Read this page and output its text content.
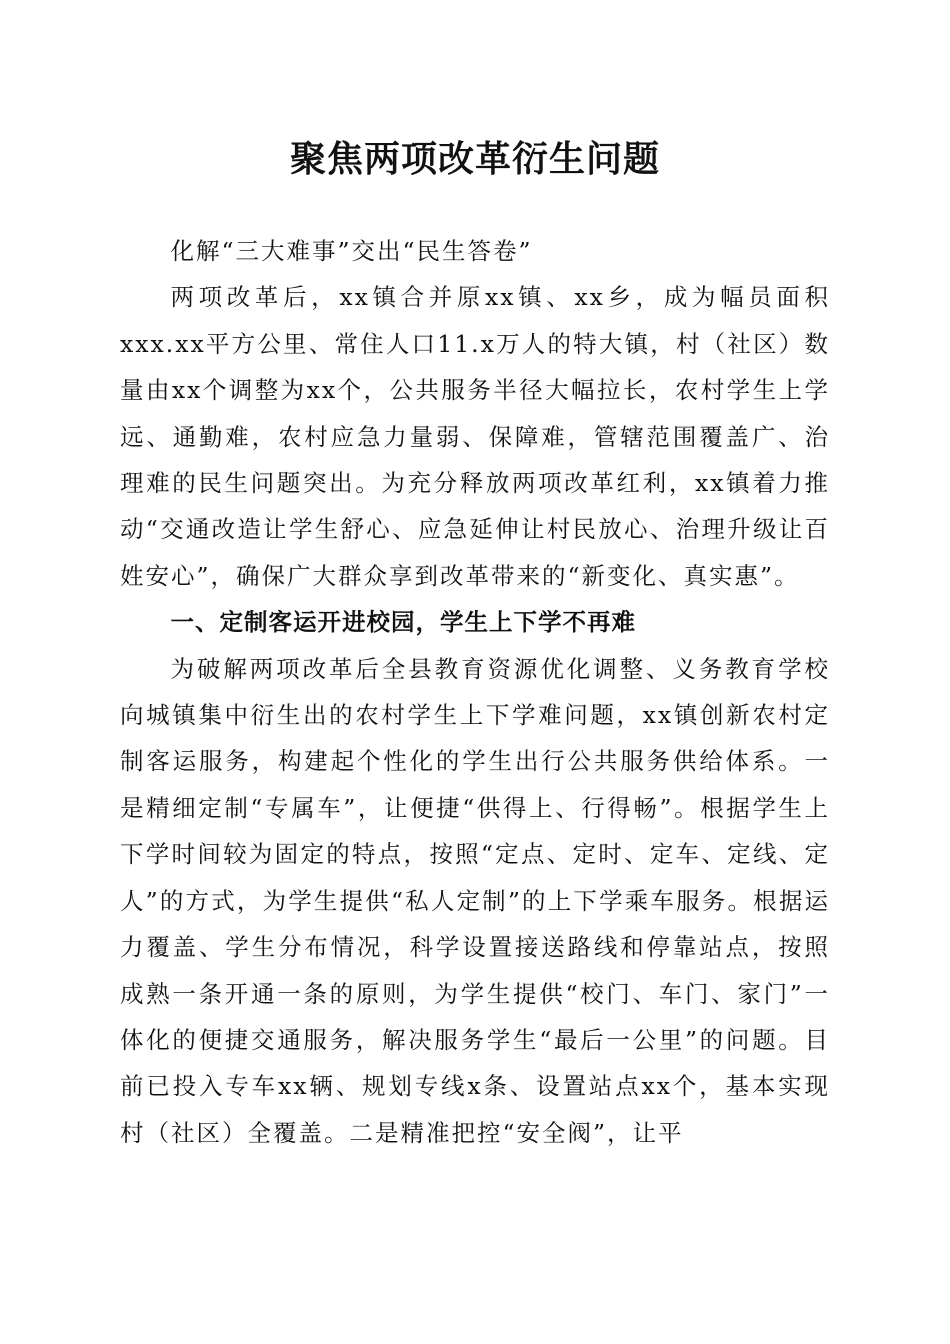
聚焦两项改革衍生问题

化解“三大难事”交出“民生答卷”

两项改革后，xx镇合并原xx镇、xx乡，成为幅员面积xxx.xx平方公里、常住人口11.x万人的特大镇，村（社区）数量由xx个调整为xx个，公共服务半径大幅拉长，农村学生上学远、通勤难，农村应急力量弱、保障难，管辖范围覆盖广、治理难的民生问题突出。为充分释放两项改革红利，xx镇着力推动“交通改造让学生舒心、应急延伸让村民放心、治理升级让百姓安心”，确保广大群众享到改革带来的“新变化、真实惠”。

一、定制客运开进校园，学生上下学不再难

为破解两项改革后全县教育资源优化调整、义务教育学校向城镇集中衍生出的农村学生上下学难问题，xx镇创新农村定制客运服务，构建起个性化的学生出行公共服务供给体系。一是精细定制“专属车”，让便捷“供得上、行得畅”。根据学生上下学时间较为固定的特点，按照“定点、定时、定车、定线、定人”的方式，为学生提供“私人定制”的上下学乘车服务。根据运力覆盖、学生分布情况，科学设置接送路线和停靠站点，按照成熟一条开通一条的原则，为学生提供“校门、车门、家门”一体化的便捷交通服务，解决服务学生“最后一公里”的问题。目前已投入专车xx辆、规划专线x条、设置站点xx个，基本实现村（社区）全覆盖。二是精准把控“安全阀”，让平
